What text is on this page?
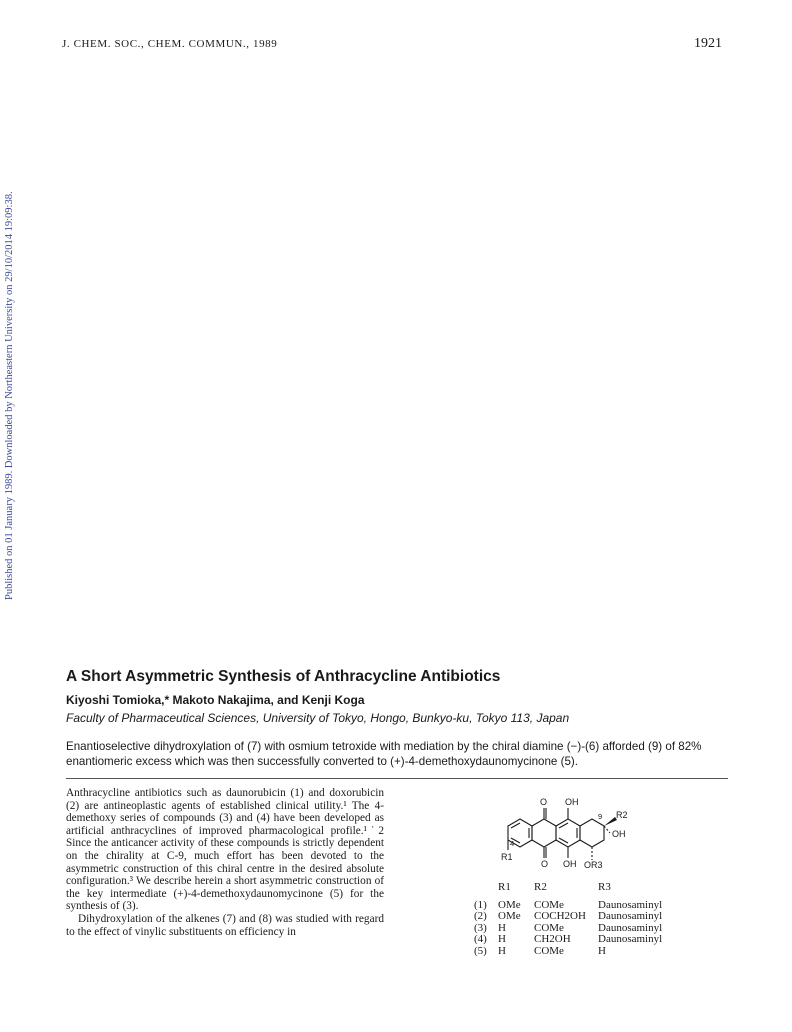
J. CHEM. SOC., CHEM. COMMUN., 1989	1921
Published on 01 January 1989. Downloaded by Northeastern University on 29/10/2014 19:09:38.
A Short Asymmetric Synthesis of Anthracycline Antibiotics
Kiyoshi Tomioka,* Makoto Nakajima, and Kenji Koga
Faculty of Pharmaceutical Sciences, University of Tokyo, Hongo, Bunkyo-ku, Tokyo 113, Japan
Enantioselective dihydroxylation of (7) with osmium tetroxide with mediation by the chiral diamine (−)-(6) afforded (9) of 82% enantiomeric excess which was then successfully converted to (+)-4-demethoxydaunomycinone (5).

Anthracycline antibiotics such as daunorubicin (1) and doxorubicin (2) are antineoplastic agents of established clinical utility.¹ The 4-demethoxy series of compounds (3) and (4) have been developed as artificial anthracyclines of improved pharmacological profile.¹˙2 Since the anticancer activity of these compounds is strictly dependent on the chirality at C-9, much effort has been devoted to the asymmetric construction of this chiral centre in the desired absolute configuration.³ We describe herein a short asymmetric construction of the key intermediate (+)-4-demethoxydaunomycinone (5) for the synthesis of (3).

Dihydroxylation of the alkenes (7) and (8) was studied with regard to the effect of vinylic substituents on efficiency in

O OH
9 R2
OH
4
R1
O OH OR3
	R1	R2	R3
(1)	OMe	COMe	Daunosaminyl
(2)	OMe	COCH2OH	Daunosaminyl
(3)	H	COMe	Daunosaminyl
(4)	H	CH2OH	Daunosaminyl
(5)	H	COMe	H
